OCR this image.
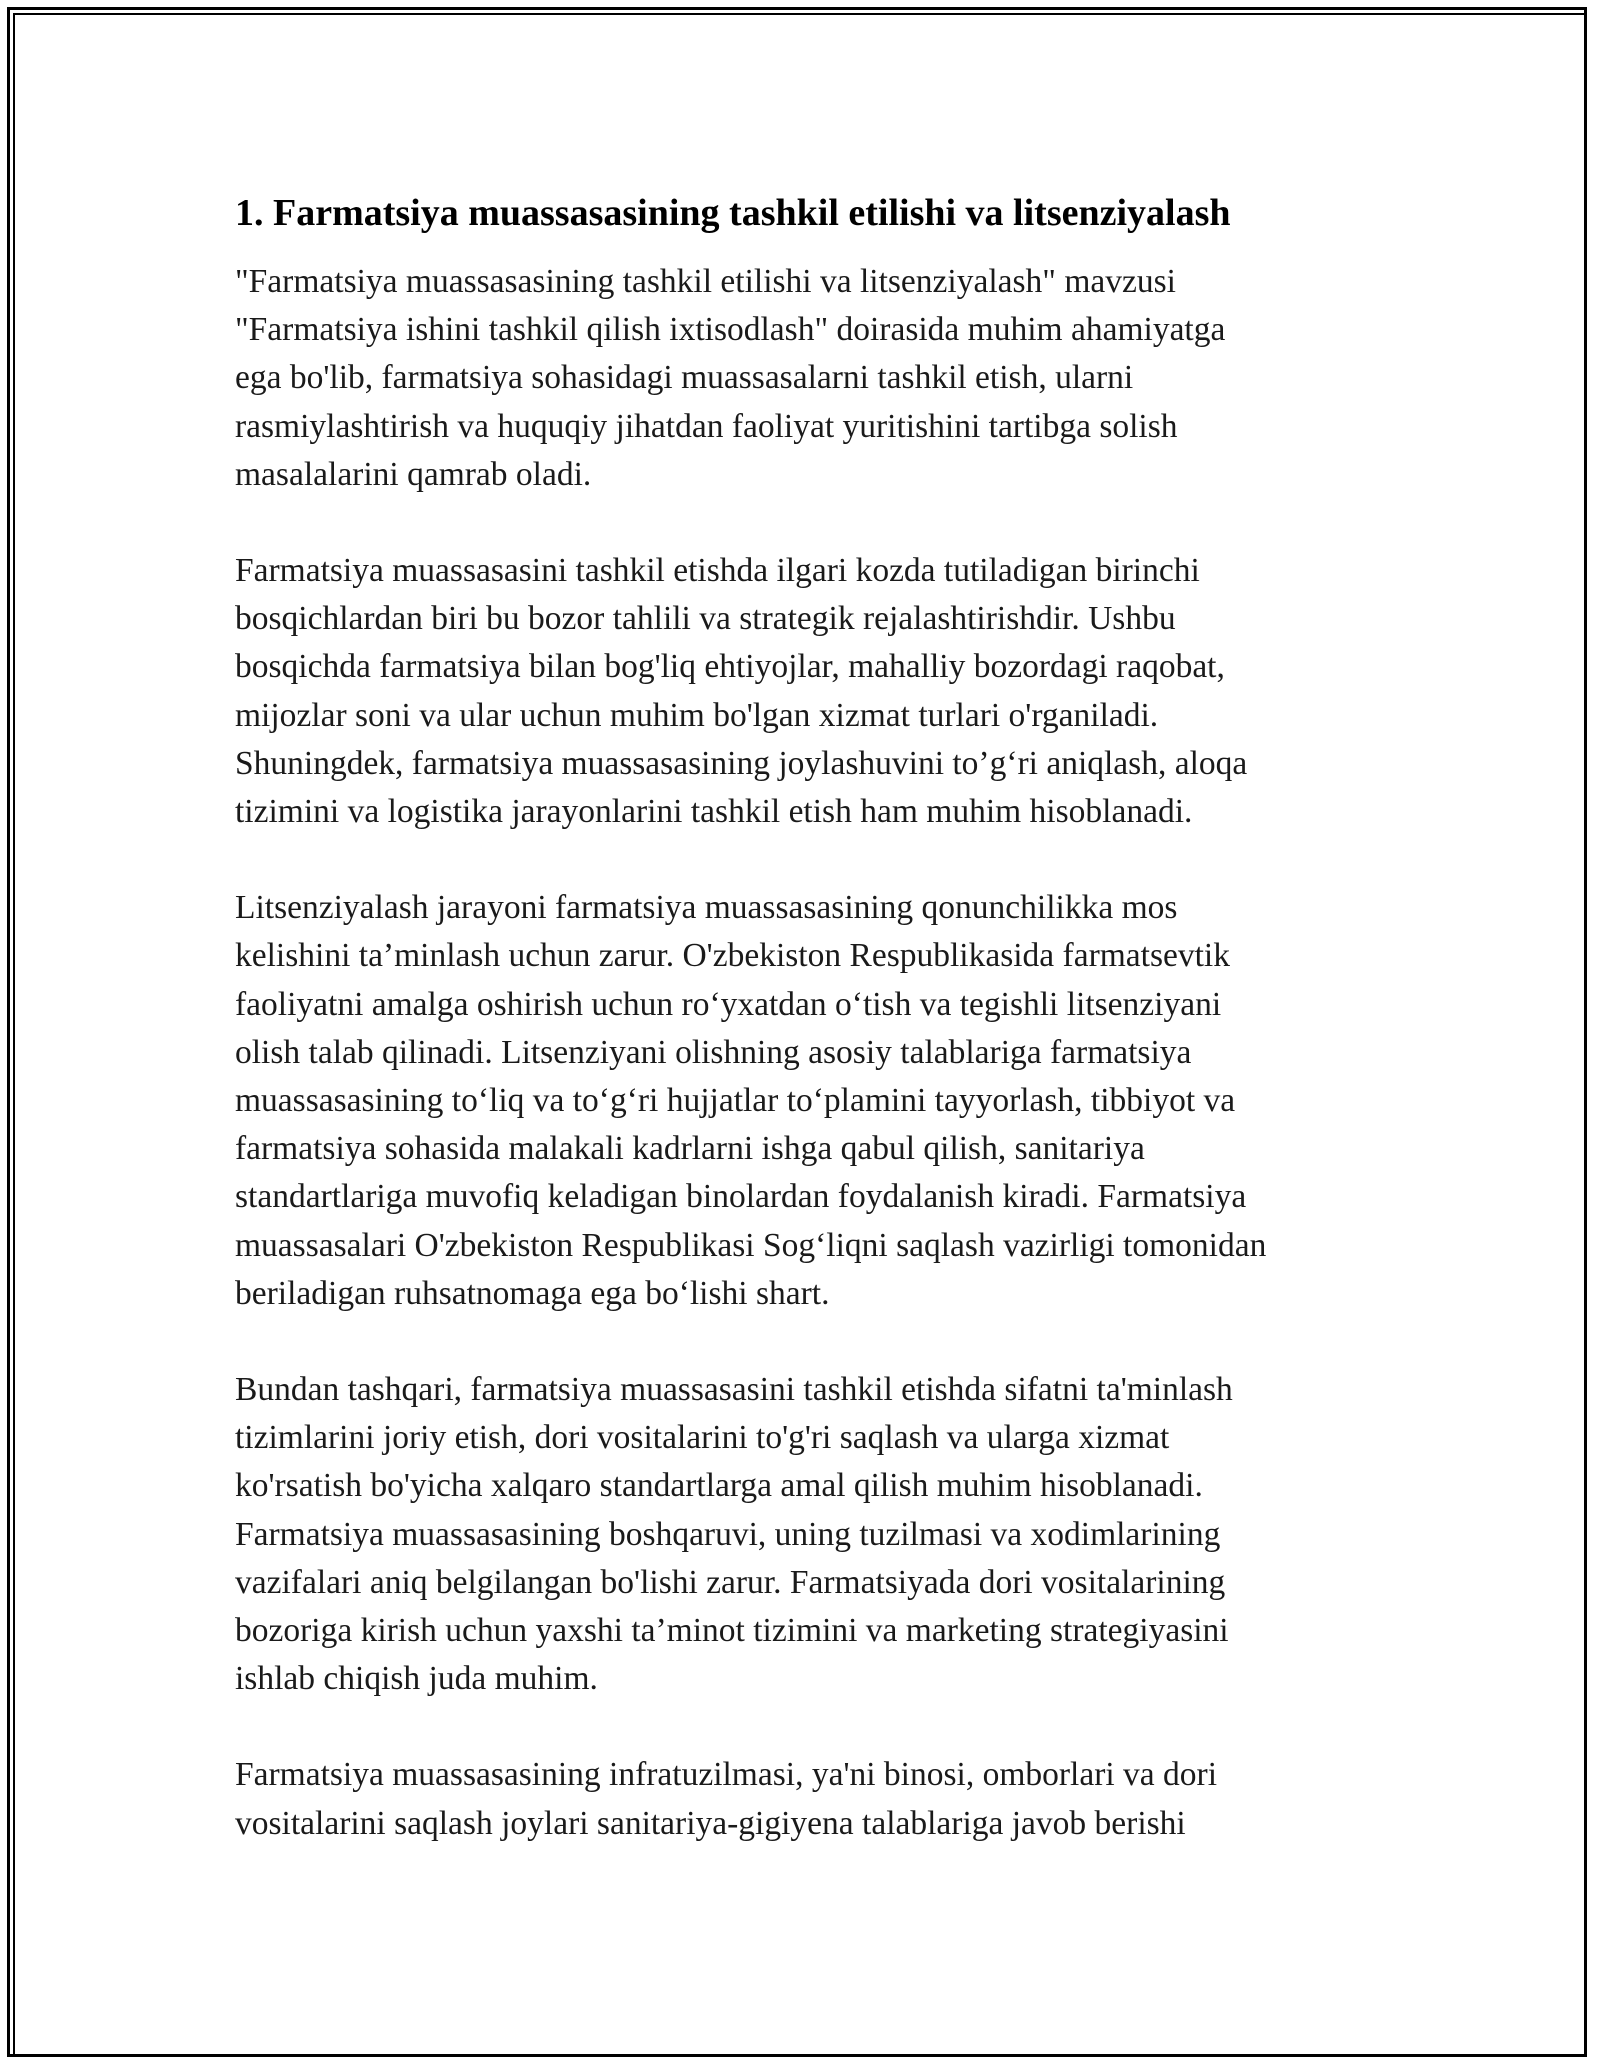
1. Farmatsiya muassasasining tashkil etilishi va litsenziyalash

"Farmatsiya muassasasining tashkil etilishi va litsenziyalash" mavzusi
"Farmatsiya ishini tashkil qilish ixtisodlash" doirasida muhim ahamiyatga
ega bo'lib, farmatsiya sohasidagi muassasalarni tashkil etish, ularni
rasmiylashtirish va huquqiy jihatdan faoliyat yuritishini tartibga solish
masalalarini qamrab oladi.

Farmatsiya muassasasini tashkil etishda ilgari kozda tutiladigan birinchi
bosqichlardan biri bu bozor tahlili va strategik rejalashtirishdir. Ushbu
bosqichda farmatsiya bilan bog'liq ehtiyojlar, mahalliy bozordagi raqobat,
mijozlar soni va ular uchun muhim bo'lgan xizmat turlari o'rganiladi.
Shuningdek, farmatsiya muassasasining joylashuvini to’g‘ri aniqlash, aloqa
tizimini va logistika jarayonlarini tashkil etish ham muhim hisoblanadi.

Litsenziyalash jarayoni farmatsiya muassasasining qonunchilikka mos
kelishini ta’minlash uchun zarur. O'zbekiston Respublikasida farmatsevtik
faoliyatni amalga oshirish uchun ro‘yxatdan o‘tish va tegishli litsenziyani
olish talab qilinadi. Litsenziyani olishning asosiy talablariga farmatsiya
muassasasining to‘liq va to‘g‘ri hujjatlar to‘plamini tayyorlash, tibbiyot va
farmatsiya sohasida malakali kadrlarni ishga qabul qilish, sanitariya
standartlariga muvofiq keladigan binolardan foydalanish kiradi. Farmatsiya
muassasalari O'zbekiston Respublikasi Sog‘liqni saqlash vazirligi tomonidan
beriladigan ruhsatnomaga ega bo‘lishi shart.

Bundan tashqari, farmatsiya muassasasini tashkil etishda sifatni ta'minlash
tizimlarini joriy etish, dori vositalarini to'g'ri saqlash va ularga xizmat
ko'rsatish bo'yicha xalqaro standartlarga amal qilish muhim hisoblanadi.
Farmatsiya muassasasining boshqaruvi, uning tuzilmasi va xodimlarining
vazifalari aniq belgilangan bo'lishi zarur. Farmatsiyada dori vositalarining
bozoriga kirish uchun yaxshi ta’minot tizimini va marketing strategiyasini
ishlab chiqish juda muhim.

Farmatsiya muassasasining infratuzilmasi, ya'ni binosi, omborlari va dori
vositalarini saqlash joylari sanitariya-gigiyena talablariga javob berishi
